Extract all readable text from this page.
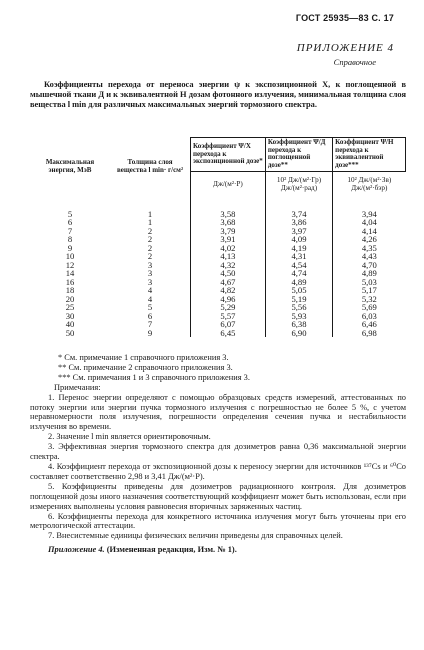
ГОСТ 25935—83 С. 17
ПРИЛОЖЕНИЕ 4
Справочное

Коэффициенты перехода от переноса энергии ψ к экспозиционной X, к поглощенной в мышечной ткани Д и к эквивалентной H дозам фотонного излучения, минимальная толщина слоя вещества l min для различных максимальных энергий тормозного спектра.

Максимальная энергия, МэВ	Толщина слоя вещества l min· г/см²	Коэффициент Ψ/X перехода к экспозиционной дозе*	Коэффициент Ψ/Д перехода к поглощенной дозе**	Коэффициент Ψ/H перехода к эквивалентной дозе***
		Дж/(м²·Р)	10² Дж/(м²·Гр) Дж/(м²·рад)	10² Дж/(м²·Зв) Дж/(м²·бэр)
5	1	3,58	3,74	3,94
6	1	3,68	3,86	4,04
7	2	3,79	3,97	4,14
8	2	3,91	4,09	4,26
9	2	4,02	4,19	4,35
10	2	4,13	4,31	4,43
12	3	4,32	4,54	4,70
14	3	4,50	4,74	4,89
16	3	4,67	4,89	5,03
18	4	4,82	5,05	5,17
20	4	4,96	5,19	5,32
25	5	5,29	5,56	5,69
30	6	5,57	5,93	6,03
40	7	6,07	6,38	6,46
50	9	6,45	6,90	6,98

* См. примечание 1 справочного приложения 3.

** См. примечание 2 справочного приложения 3.

*** См. примечания 1 и 3 справочного приложения 3.

Примечания:

1. Перенос энергии определяют с помощью образцовых средств измерений, аттестованных по потоку энергии или энергии пучка тормозного излучения с погрешностью не более 5 %, с учетом неравномерности поля излучения, погрешности определения сечения пучка и нестабильности излучения во времени.

2. Значение l min является ориентировочным.

3. Эффективная энергия тормозного спектра для дозиметров равна 0,36 максимальной энергии спектра.

4. Коэффициент перехода от экспозиционной дозы к переносу энергии для источников ¹³⁷Cs и ⁶⁰Co составляет соответственно 2,98 и 3,41 Дж/(м²·Р).

5. Коэффициенты приведены для дозиметров радиационного контроля. Для дозиметров поглощенной дозы иного назначения соответствующий коэффициент может быть использован, если при измерениях выполнены условия равновесия вторичных заряженных частиц.

6. Коэффициенты перехода для конкретного источника излучения могут быть уточнены при его метрологической аттестации.

7. Внесистемные единицы физических величин приведены для справочных целей.

Приложение 4. (Измененная редакция, Изм. № 1).
